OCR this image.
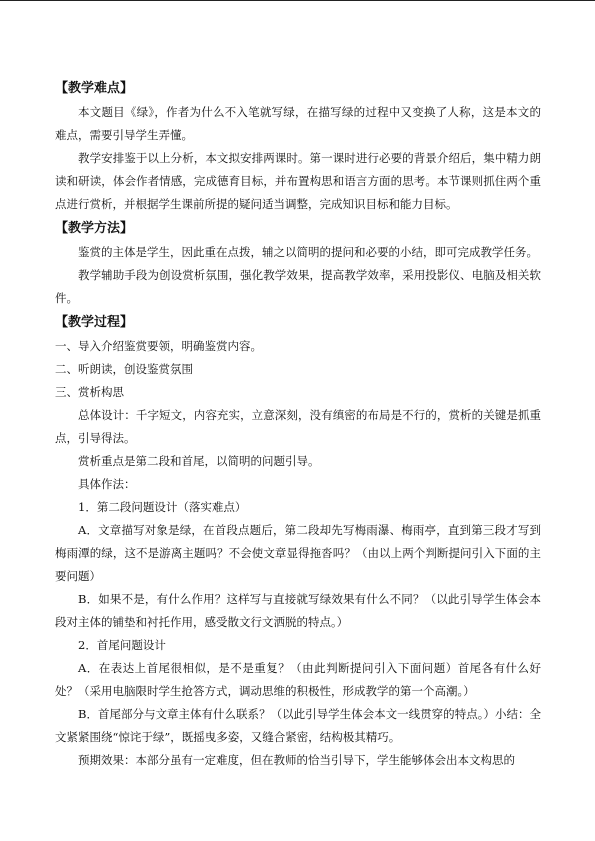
【教学难点】

本文题目《绿》，作者为什么不入笔就写绿，在描写绿的过程中又变换了人称，这是本文的难点，需要引导学生弄懂。

教学安排鉴于以上分析，本文拟安排两课时。第一课时进行必要的背景介绍后，集中精力朗读和研读，体会作者情感，完成德育目标，并布置构思和语言方面的思考。本节课则抓住两个重点进行赏析，并根据学生课前所提的疑问适当调整，完成知识目标和能力目标。

【教学方法】

鉴赏的主体是学生，因此重在点拨，辅之以简明的提问和必要的小结，即可完成教学任务。

教学辅助手段为创设赏析氛围，强化教学效果，提高教学效率，采用投影仪、电脑及相关软件。

【教学过程】

一、导入介绍鉴赏要领，明确鉴赏内容。

二、听朗读，创设鉴赏氛围

三、赏析构思

总体设计：千字短文，内容充实，立意深刻，没有缜密的布局是不行的，赏析的关键是抓重点，引导得法。

赏析重点是第二段和首尾，以简明的问题引导。

具体作法：

1．第二段问题设计（落实难点）

A．文章描写对象是绿，在首段点题后，第二段却先写梅雨瀑、梅雨亭，直到第三段才写到梅雨潭的绿，这不是游离主题吗？不会使文章显得拖沓吗？（由以上两个判断提问引入下面的主要问题）

B．如果不是，有什么作用？这样写与直接就写绿效果有什么不同？（以此引导学生体会本段对主体的铺垫和衬托作用，感受散文行文洒脱的特点。）

2．首尾问题设计

A．在表达上首尾很相似，是不是重复？（由此判断提问引入下面问题）首尾各有什么好处？（采用电脑限时学生抢答方式，调动思维的积极性，形成教学的第一个高潮。）

B．首尾部分与文章主体有什么联系？（以此引导学生体会本文一线贯穿的特点。）小结：全文紧紧围绕“惊诧于绿”，既摇曳多姿，又缝合紧密，结构极其精巧。

预期效果：本部分虽有一定难度，但在教师的恰当引导下，学生能够体会出本文构思的
